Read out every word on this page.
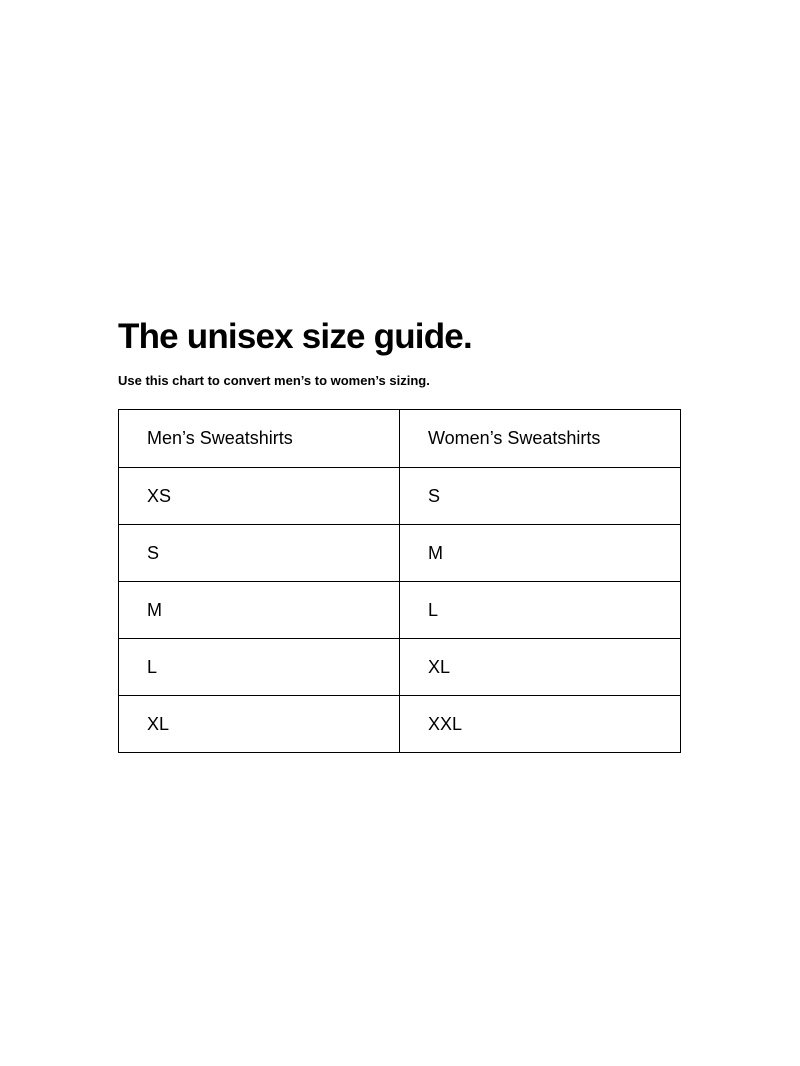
The unisex size guide.

Use this chart to convert men’s to women’s sizing.

Men’s Sweatshirts	Women’s Sweatshirts
XS	S
S	M
M	L
L	XL
XL	XXL
